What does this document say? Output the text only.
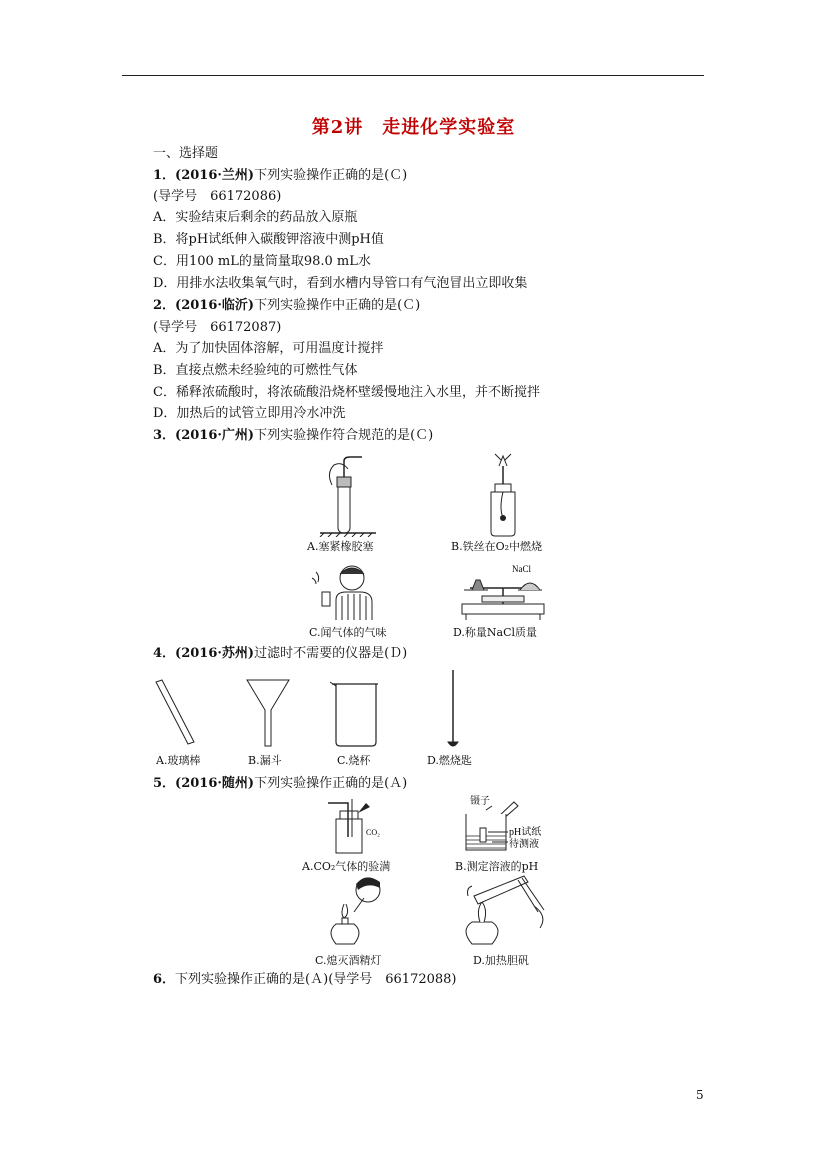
第2讲　走进化学实验室
一、选择题
1．(2016·兰州)下列实验操作正确的是(Ｃ)
(导学号　66172086)
A．实验结束后剩余的药品放入原瓶
B．将pH试纸伸入碳酸钾溶液中测pH值
C．用100 mL的量筒量取98.0 mL水
D．用排水法收集氧气时，看到水槽内导管口有气泡冒出立即收集
2．(2016·临沂)下列实验操作中正确的是(Ｃ)
(导学号　66172087)
A．为了加快固体溶解，可用温度计搅拌
B．直接点燃未经验纯的可燃性气体
C．稀释浓硫酸时，将浓硫酸沿烧杯壁缓慢地注入水里，并不断搅拌
D．加热后的试管立即用冷水冲洗
3．(2016·广州)下列实验操作符合规范的是(Ｃ)
A.塞紧橡胶塞	B.铁丝在O₂中燃烧
C.闻气体的气味
NaCl
D.称量NaCl质量
4．(2016·苏州)过滤时不需要的仪器是(Ｄ)
A.玻璃棒	B.漏斗	C.烧杯	D.燃烧匙
5．(2016·随州)下列实验操作正确的是(Ａ)
CO₂
A.CO₂气体的验满
镊子
pH试纸
待测液
B.测定溶液的pH
C.熄灭酒精灯	D.加热胆矾
6．下列实验操作正确的是(Ａ)(导学号　66172088)
5
